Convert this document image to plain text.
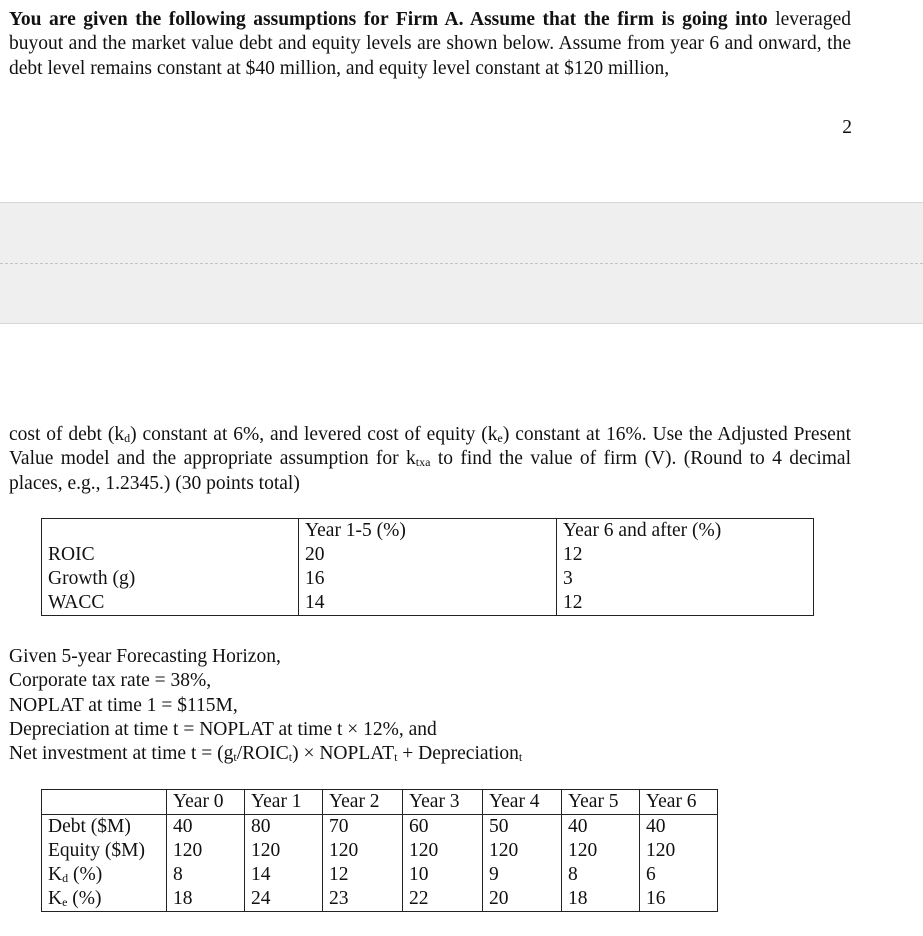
You are given the following assumptions for Firm A. Assume that the firm is going into leveraged buyout and the market value debt and equity levels are shown below. Assume from year 6 and onward, the debt level remains constant at $40 million, and equity level constant at $120 million,

2

cost of debt $(k_d)$ constant at 6%, and levered cost of equity $(k_e)$ constant at 16%. Use the Adjusted Present Value model and the appropriate assumption for $k_{txa}$ to find the value of firm (V). (Round to 4 decimal places, e.g., 1.2345.) (30 points total)

	Year 1-5 (%)	Year 6 and after (%)
ROIC	20	12
Growth (g)	16	3
WACC	14	12
Given 5-year Forecasting Horizon,
Corporate tax rate = 38%,
NOPLAT at time 1 = $115M,
Depreciation at time t = NOPLAT at time t × 12%, and
Net investment at time $t = (g_t/ROIC_t)$ × $NOPLAT_t$ + Depreciation$_t$
	Year 0	Year 1	Year 2	Year 3	Year 4	Year 5	Year 6
Debt ($M)	40	80	70	60	50	40	40
Equity ($M)	120	120	120	120	120	120	120
$K_d$ (%)	8	14	12	10	9	8	6
$K_e$ (%)	18	24	23	22	20	18	16
